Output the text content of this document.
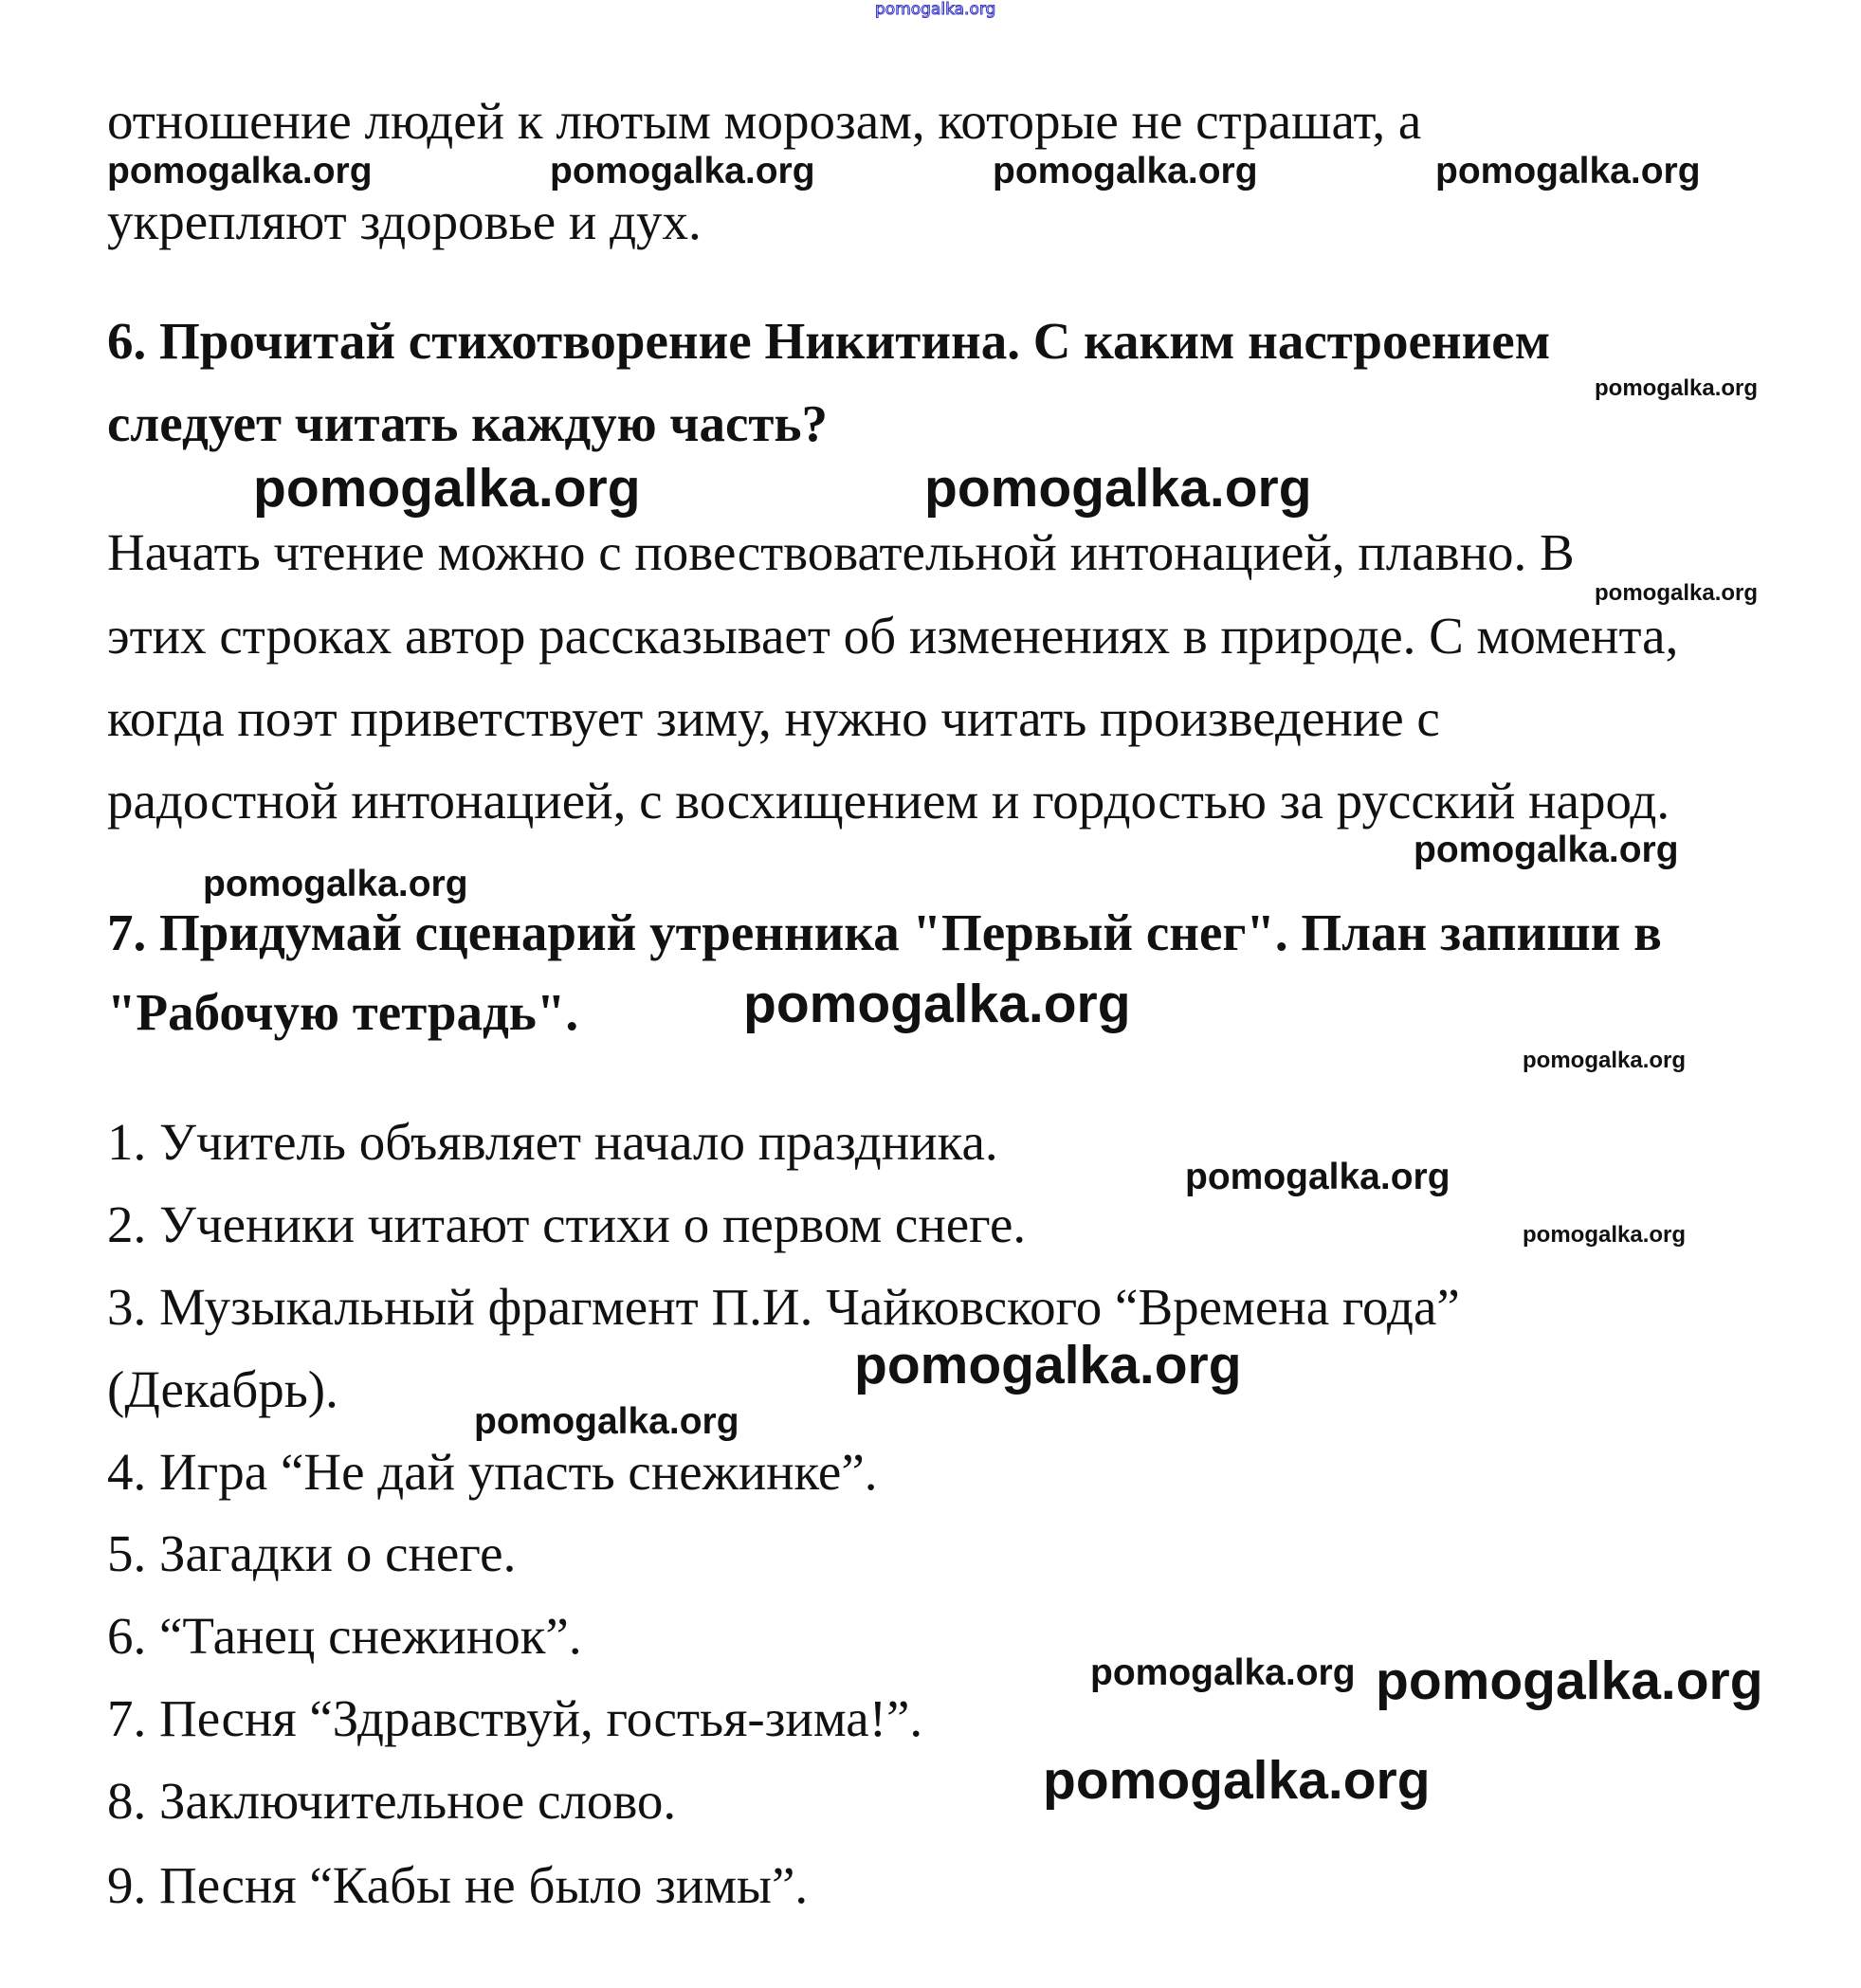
pomogalka.org
отношение людей к лютым морозам, которые не страшат, а
укрепляют здоровье и дух.
6. Прочитай стихотворение Никитина. С каким настроением
следует читать каждую часть?
Начать чтение можно с повествовательной интонацией, плавно. В
этих строках автор рассказывает об изменениях в природе. С момента,
когда поэт приветствует зиму, нужно читать произведение с
радостной интонацией, с восхищением и гордостью за русский народ.
7. Придумай сценарий утренника "Первый снег". План запиши в
"Рабочую тетрадь".
1. Учитель объявляет начало праздника.
2. Ученики читают стихи о первом снеге.
3. Музыкальный фрагмент П.И. Чайковского “Времена года”
(Декабрь).
4. Игра “Не дай упасть снежинке”.
5. Загадки о снеге.
6. “Танец снежинок”.
7. Песня “Здравствуй, гостья-зима!”.
8. Заключительное слово.
9. Песня “Кабы не было зимы”.
pomogalka.org	pomogalka.org	pomogalka.org	pomogalka.org
pomogalka.org
pomogalka.org	pomogalka.org
pomogalka.org
pomogalka.org
pomogalka.org
pomogalka.org
pomogalka.org
pomogalka.org
pomogalka.org
pomogalka.org
pomogalka.org
pomogalka.org pomogalka.org
pomogalka.org
